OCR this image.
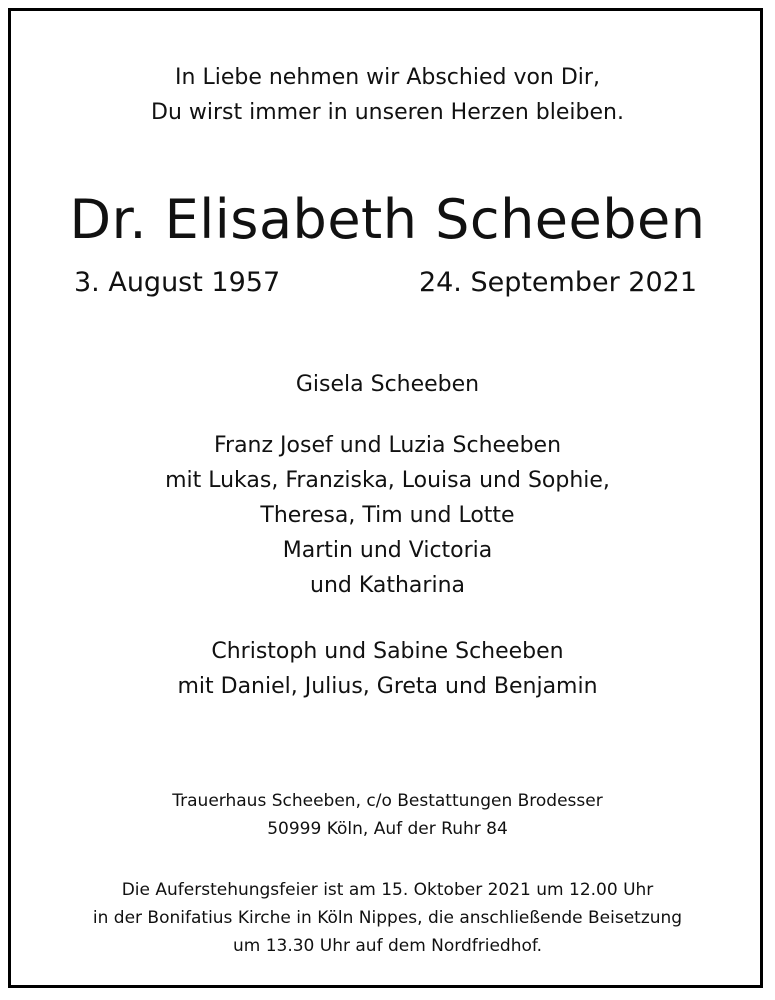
In Liebe nehmen wir Abschied von Dir,
Du wirst immer in unseren Herzen bleiben.
Dr. Elisabeth Scheeben
3. August 1957	24. September 2021
Gisela Scheeben
Franz Josef und Luzia Scheeben
mit Lukas, Franziska, Louisa und Sophie,
Theresa, Tim und Lotte
Martin und Victoria
und Katharina
Christoph und Sabine Scheeben
mit Daniel, Julius, Greta und Benjamin
Trauerhaus Scheeben, c/o Bestattungen Brodesser
50999 Köln, Auf der Ruhr 84
Die Auferstehungsfeier ist am 15. Oktober 2021 um 12.00 Uhr
in der Bonifatius Kirche in Köln Nippes, die anschließende Beisetzung
um 13.30 Uhr auf dem Nordfriedhof.
